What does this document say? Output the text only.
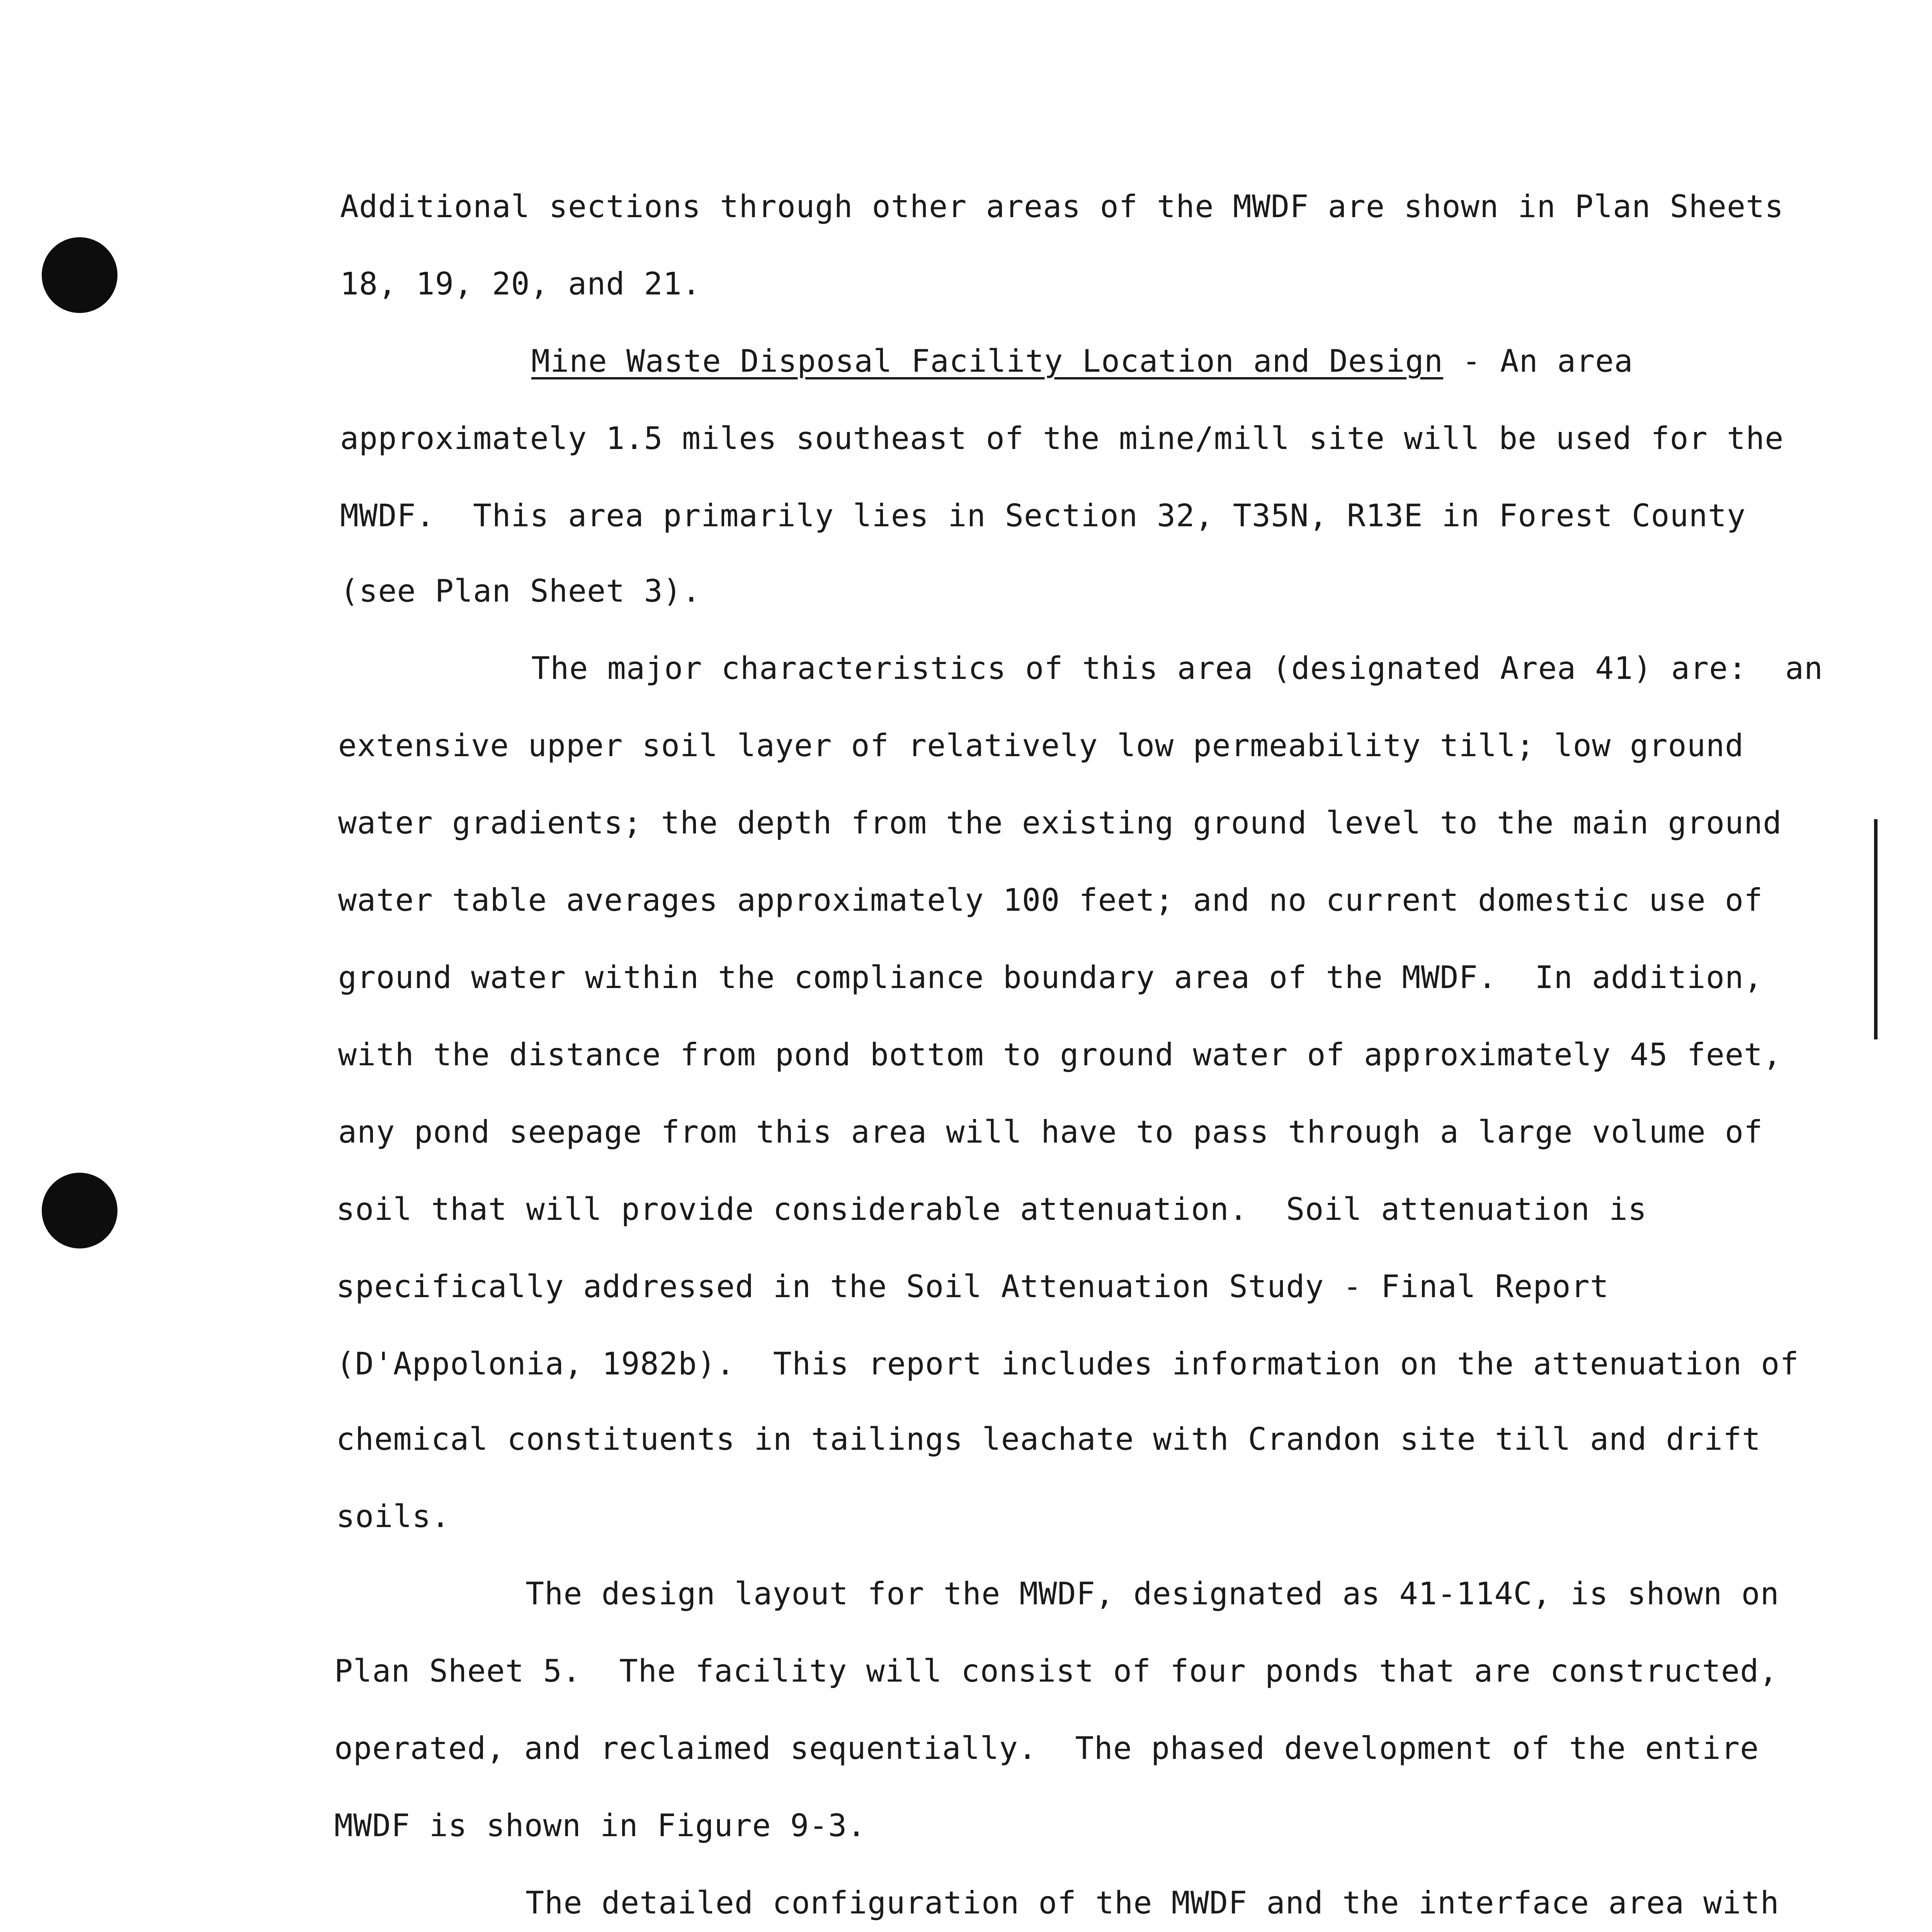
Additional sections through other areas of the MWDF are shown in Plan Sheets
18, 19, 20, and 21.
Mine Waste Disposal Facility Location and Design - An area
approximately 1.5 miles southeast of the mine/mill site will be used for the
MWDF.  This area primarily lies in Section 32, T35N, R13E in Forest County
(see Plan Sheet 3).
The major characteristics of this area (designated Area 41) are:  an
extensive upper soil layer of relatively low permeability till; low ground
water gradients; the depth from the existing ground level to the main ground
water table averages approximately 100 feet; and no current domestic use of
ground water within the compliance boundary area of the MWDF.  In addition,
with the distance from pond bottom to ground water of approximately 45 feet,
any pond seepage from this area will have to pass through a large volume of
soil that will provide considerable attenuation.  Soil attenuation is
specifically addressed in the Soil Attenuation Study - Final Report
(D'Appolonia, 1982b).  This report includes information on the attenuation of
chemical constituents in tailings leachate with Crandon site till and drift
soils.
The design layout for the MWDF, designated as 41-114C, is shown on
Plan Sheet 5.  The facility will consist of four ponds that are constructed,
operated, and reclaimed sequentially.  The phased development of the entire
MWDF is shown in Figure 9-3.
The detailed configuration of the MWDF and the interface area with
